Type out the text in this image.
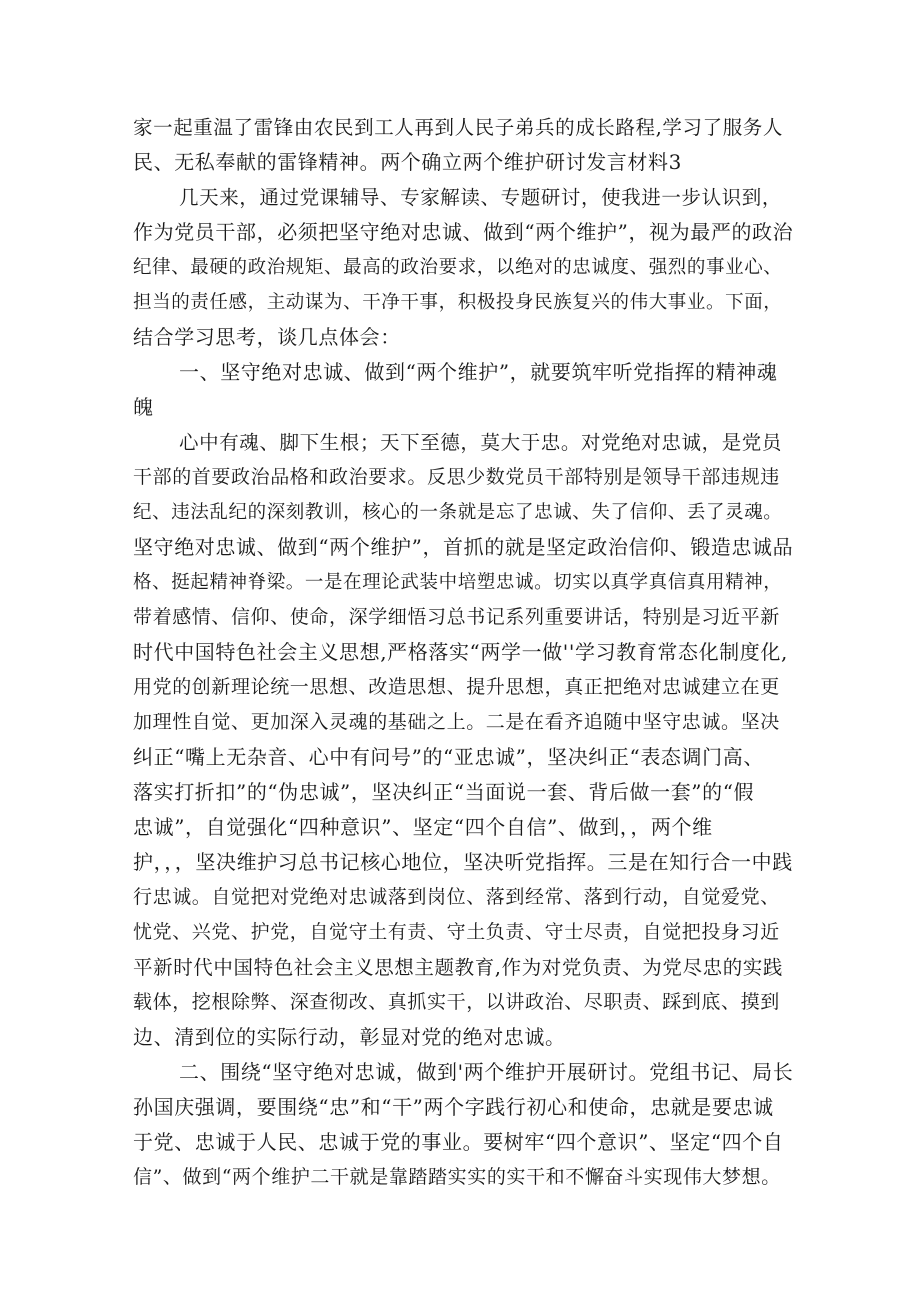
家一起重温了雷锋由农民到工人再到人民子弟兵的成长路程,学习了服务人
民、无私奉献的雷锋精神。两个确立两个维护研讨发言材料3
几天来，通过党课辅导、专家解读、专题研讨，使我进一步认识到，
作为党员干部，必须把坚守绝对忠诚、做到“两个维护”，视为最严的政治
纪律、最硬的政治规矩、最高的政治要求，以绝对的忠诚度、强烈的事业心、
担当的责任感，主动谋为、干净干事，积极投身民族复兴的伟大事业。下面，
结合学习思考，谈几点体会：
一、坚守绝对忠诚、做到“两个维护”，就要筑牢听党指挥的精神魂
魄
心中有魂、脚下生根；天下至德，莫大于忠。对党绝对忠诚，是党员
干部的首要政治品格和政治要求。反思少数党员干部特别是领导干部违规违
纪、违法乱纪的深刻教训，核心的一条就是忘了忠诚、失了信仰、丢了灵魂。
坚守绝对忠诚、做到“两个维护”，首抓的就是坚定政治信仰、锻造忠诚品
格、挺起精神脊梁。一是在理论武装中培塑忠诚。切实以真学真信真用精神，
带着感情、信仰、使命，深学细悟习总书记系列重要讲话，特别是习近平新
时代中国特色社会主义思想,严格落实“两学一做''学习教育常态化制度化,
用党的创新理论统一思想、改造思想、提升思想，真正把绝对忠诚建立在更
加理性自觉、更加深入灵魂的基础之上。二是在看齐追随中坚守忠诚。坚决
纠正“嘴上无杂音、心中有问号”的“亚忠诚”，坚决纠正“表态调门高、
落实打折扣”的“伪忠诚”，坚决纠正“当面说一套、背后做一套”的“假
忠诚”，自觉强化“四种意识”、坚定“四个自信”、做到，，两个维
护，，，坚决维护习总书记核心地位，坚决听党指挥。三是在知行合一中践
行忠诚。自觉把对党绝对忠诚落到岗位、落到经常、落到行动，自觉爱党、
忧党、兴党、护党，自觉守土有责、守土负责、守士尽责，自觉把投身习近
平新时代中国特色社会主义思想主题教育,作为对党负责、为党尽忠的实践
载体，挖根除弊、深查彻改、真抓实干，以讲政治、尽职责、踩到底、摸到
边、清到位的实际行动，彰显对党的绝对忠诚。
二、围绕“坚守绝对忠诚，做到'两个维护开展研讨。党组书记、局长
孙国庆强调，要围绕“忠”和“干”两个字践行初心和使命，忠就是要忠诚
于党、忠诚于人民、忠诚于党的事业。要树牢“四个意识”、坚定“四个自
信”、做到“两个维护二干就是靠踏踏实实的实干和不懈奋斗实现伟大梦想。
